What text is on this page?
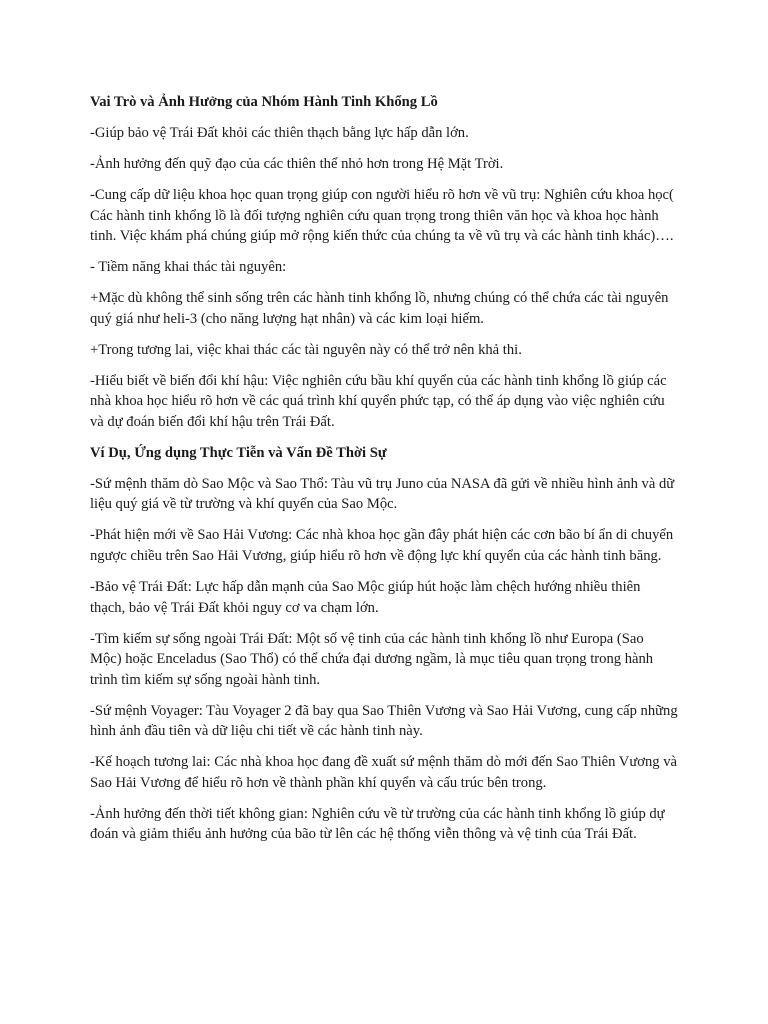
Vai Trò và Ảnh Hưởng của Nhóm Hành Tinh Khổng Lồ

-Giúp bảo vệ Trái Đất khỏi các thiên thạch bằng lực hấp dẫn lớn.

-Ảnh hưởng đến quỹ đạo của các thiên thể nhỏ hơn trong Hệ Mặt Trời.

-Cung cấp dữ liệu khoa học quan trọng giúp con người hiểu rõ hơn về vũ trụ: Nghiên cứu khoa học( Các hành tinh khổng lồ là đối tượng nghiên cứu quan trọng trong thiên văn học và khoa học hành tinh. Việc khám phá chúng giúp mở rộng kiến thức của chúng ta về vũ trụ và các hành tinh khác)….

- Tiềm năng khai thác tài nguyên:

+Mặc dù không thể sinh sống trên các hành tinh khổng lồ, nhưng chúng có thể chứa các tài nguyên quý giá như heli-3 (cho năng lượng hạt nhân) và các kim loại hiếm.

+Trong tương lai, việc khai thác các tài nguyên này có thể trở nên khả thi.

-Hiểu biết về biến đổi khí hậu: Việc nghiên cứu bầu khí quyển của các hành tinh khổng lồ giúp các nhà khoa học hiểu rõ hơn về các quá trình khí quyển phức tạp, có thể áp dụng vào việc nghiên cứu và dự đoán biến đổi khí hậu trên Trái Đất.

Ví Dụ, Ứng dụng Thực Tiễn và Vấn Đề Thời Sự

-Sứ mệnh thăm dò Sao Mộc và Sao Thổ: Tàu vũ trụ Juno của NASA đã gửi về nhiều hình ảnh và dữ liệu quý giá về từ trường và khí quyển của Sao Mộc.

-Phát hiện mới về Sao Hải Vương: Các nhà khoa học gần đây phát hiện các cơn bão bí ẩn di chuyển ngược chiều trên Sao Hải Vương, giúp hiểu rõ hơn về động lực khí quyển của các hành tinh băng.

-Bảo vệ Trái Đất: Lực hấp dẫn mạnh của Sao Mộc giúp hút hoặc làm chệch hướng nhiều thiên thạch, bảo vệ Trái Đất khỏi nguy cơ va chạm lớn.

-Tìm kiếm sự sống ngoài Trái Đất: Một số vệ tinh của các hành tinh khổng lồ như Europa (Sao Mộc) hoặc Enceladus (Sao Thổ) có thể chứa đại dương ngầm, là mục tiêu quan trọng trong hành trình tìm kiếm sự sống ngoài hành tinh.

-Sứ mệnh Voyager: Tàu Voyager 2 đã bay qua Sao Thiên Vương và Sao Hải Vương, cung cấp những hình ảnh đầu tiên và dữ liệu chi tiết về các hành tinh này.

-Kế hoạch tương lai: Các nhà khoa học đang đề xuất sứ mệnh thăm dò mới đến Sao Thiên Vương và Sao Hải Vương để hiểu rõ hơn về thành phần khí quyển và cấu trúc bên trong.

-Ảnh hưởng đến thời tiết không gian: Nghiên cứu về từ trường của các hành tinh khổng lồ giúp dự đoán và giảm thiểu ảnh hưởng của bão từ lên các hệ thống viễn thông và vệ tinh của Trái Đất.
